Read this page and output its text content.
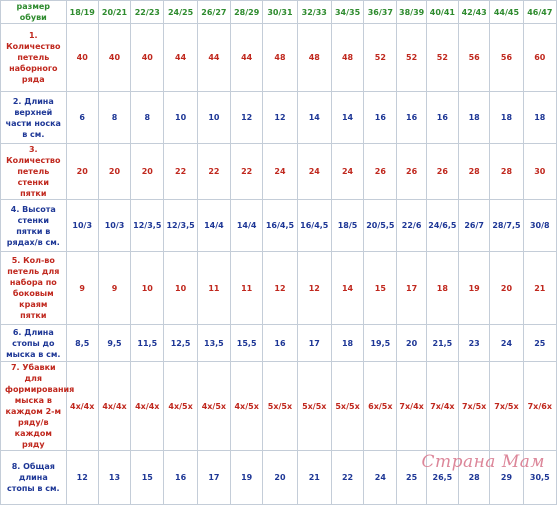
размер обуви	18/19	20/21	22/23	24/25	26/27	28/29	30/31	32/33	34/35	36/37	38/39	40/41	42/43	44/45	46/47
1. Количество петель наборного ряда	40	40	40	44	44	44	48	48	48	52	52	52	56	56	60
2. Длина верхней части носка в см.	6	8	8	10	10	12	12	14	14	16	16	16	18	18	18
3. Количество петель стенки пятки	20	20	20	22	22	22	24	24	24	26	26	26	28	28	30
4. Высота стенки пятки в рядах/в см.	10/3	10/3	12/3,5	12/3,5	14/4	14/4	16/4,5	16/4,5	18/5	20/5,5	22/6	24/6,5	26/7	28/7,5	30/8
5. Кол-во петель для набора по боковым краям пятки	9	9	10	10	11	11	12	12	14	15	17	18	19	20	21
6. Длина стопы до мыска в см.	8,5	9,5	11,5	12,5	13,5	15,5	16	17	18	19,5	20	21,5	23	24	25
7. Убавки для формирования мыска в каждом 2-м ряду/в каждом ряду	4х/4х	4х/4х	4х/4х	4х/5х	4х/5х	4х/5х	5х/5х	5х/5х	5х/5х	6х/5х	7х/4х	7х/4х	7х/5х	7х/5х	7х/6х
8. Общая длина стопы в см.	12	13	15	16	17	19	20	21	22	24	25	26,5	28	29	30,5
Страна Мам
